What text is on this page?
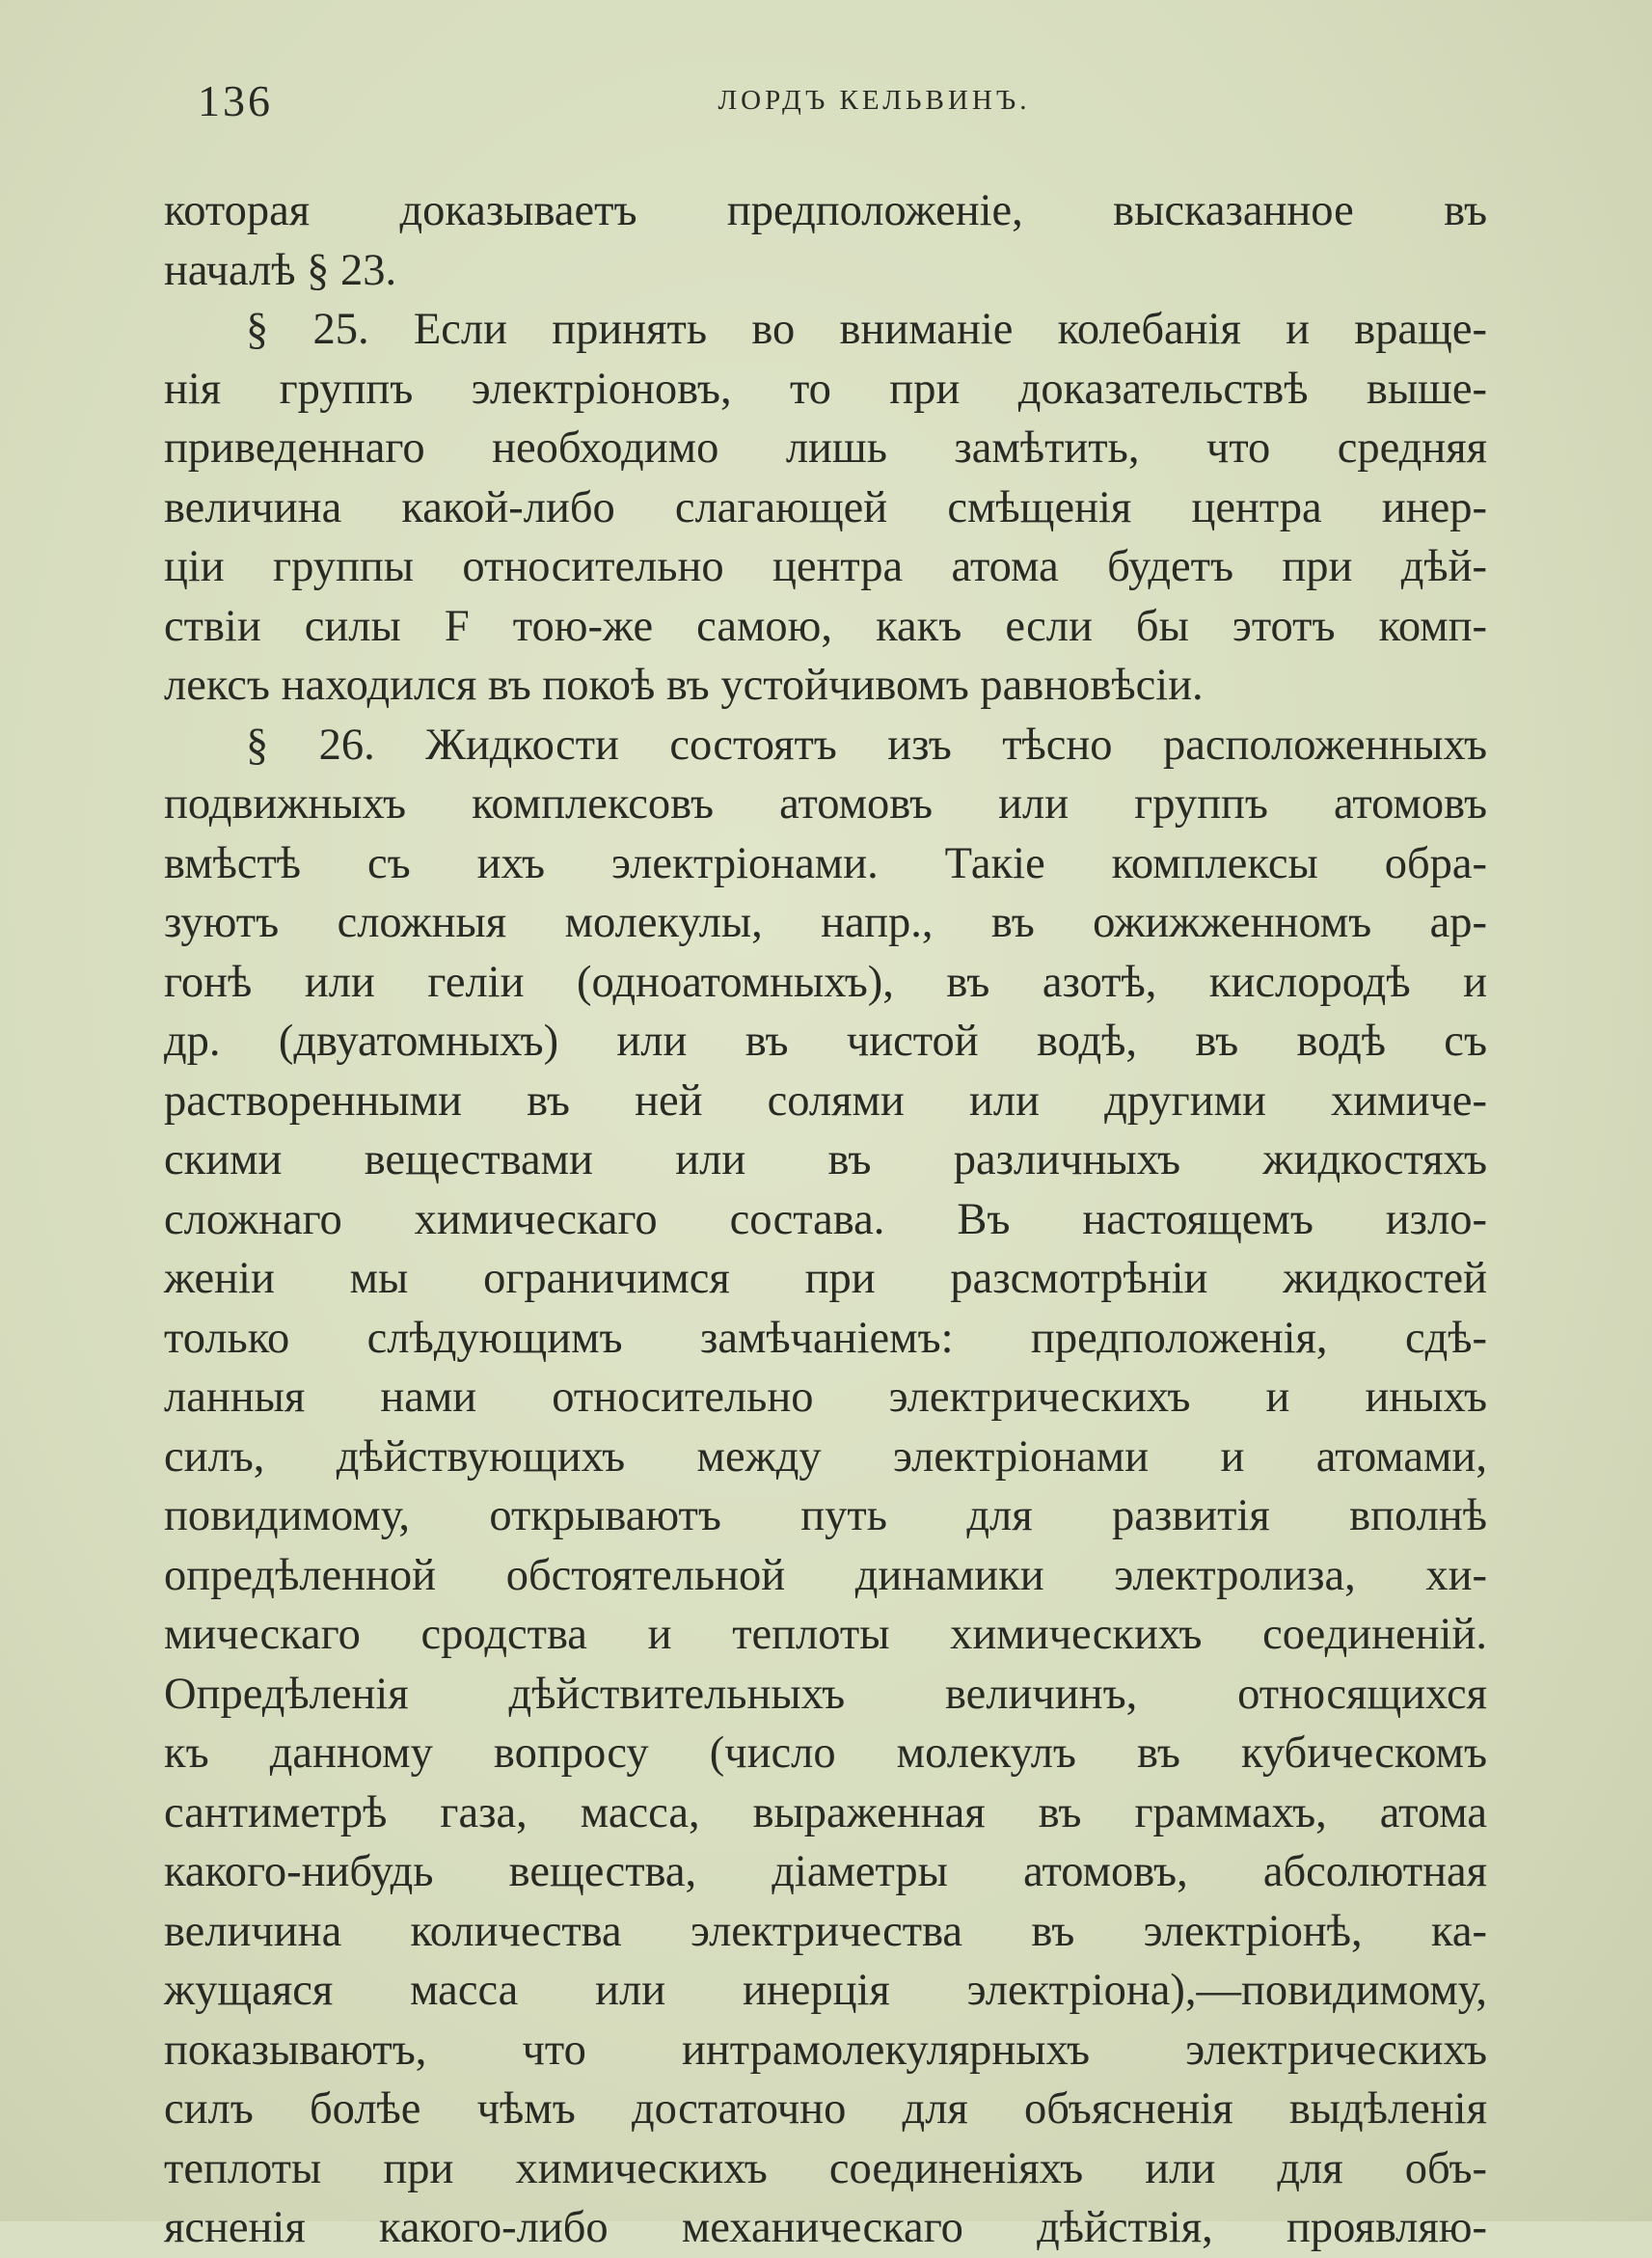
136	ЛОРДЪ КЕЛЬВИНЪ.
которая доказываетъ предположеніе, высказанное въ
началѣ § 23.
§ 25. Если принять во вниманіе колебанія и враще-
нія группъ электріоновъ, то при доказательствѣ выше-
приведеннаго необходимо лишь замѣтить, что средняя
величина какой-либо слагающей смѣщенія центра инер-
ціи группы относительно центра атома будетъ при дѣй-
ствіи силы F тою-же самою, какъ если бы этотъ комп-
лексъ находился въ покоѣ въ устойчивомъ равновѣсіи.
§ 26. Жидкости состоятъ изъ тѣсно расположенныхъ
подвижныхъ комплексовъ атомовъ или группъ атомовъ
вмѣстѣ съ ихъ электріонами. Такіе комплексы обра-
зуютъ сложныя молекулы, напр., въ ожижженномъ ар-
гонѣ или геліи (одноатомныхъ), въ азотѣ, кислородѣ и
др. (двуатомныхъ) или въ чистой водѣ, въ водѣ съ
растворенными въ ней солями или другими химиче-
скими веществами или въ различныхъ жидкостяхъ
сложнаго химическаго состава. Въ настоящемъ изло-
женіи мы ограничимся при разсмотрѣніи жидкостей
только слѣдующимъ замѣчаніемъ: предположенія, сдѣ-
ланныя нами относительно электрическихъ и иныхъ
силъ, дѣйствующихъ между электріонами и атомами,
повидимому, открываютъ путь для развитія вполнѣ
опредѣленной обстоятельной динамики электролиза, хи-
мическаго сродства и теплоты химическихъ соединеній.
Опредѣленія дѣйствительныхъ величинъ, относящихся
къ данному вопросу (число молекулъ въ кубическомъ
сантиметрѣ газа, масса, выраженная въ граммахъ, атома
какого-нибудь вещества, діаметры атомовъ, абсолютная
величина количества электричества въ электріонѣ, ка-
жущаяся масса или инерція электріона),—повидимому,
показываютъ, что интрамолекулярныхъ электрическихъ
силъ болѣе чѣмъ достаточно для объясненія выдѣленія
теплоты при химическихъ соединеніяхъ или для объ-
ясненія какого-либо механическаго дѣйствія, проявляю-
